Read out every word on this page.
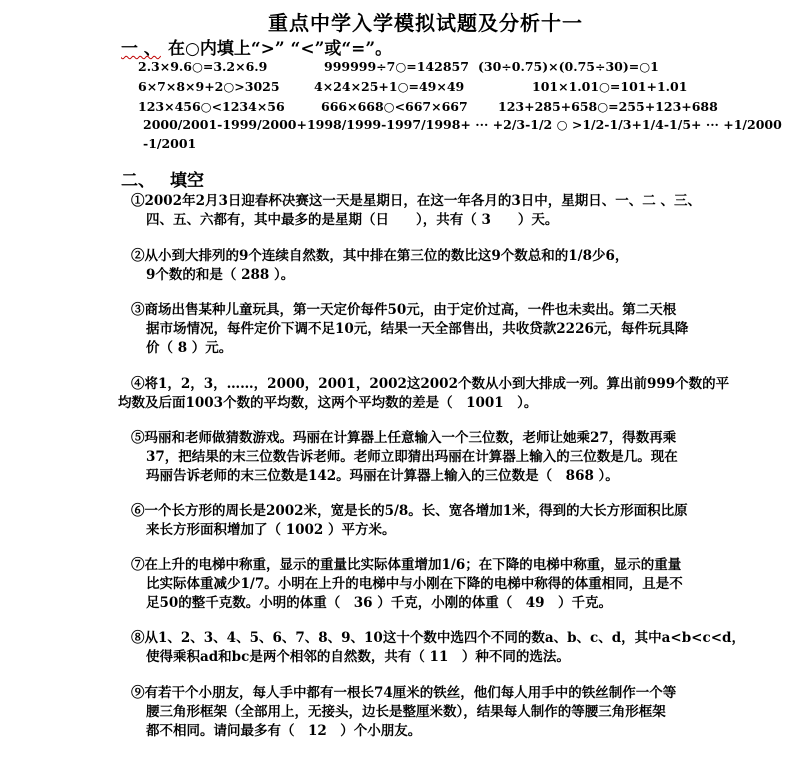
重点中学入学模拟试题及分析十一
一 、 在○内填上“>” “<”或“=”。
2.3×9.6○=3.2×6.9	999999÷7○=142857 (30÷0.75)×(0.75÷30)=○1
6×7×8×9+2○>3025	4×24×25+1○=49×49	101×1.01○=101+1.01
123×456○<1234×56	666×668○<667×667 123+285+658○=255+123+688
2000/2001-1999/2000+1998/1999-1997/1998+ ··· +2/3-1/2 ○ >1/2-1/3+1/4-1/5+ ··· +1/2000
-1/2001
二、 填空
①2002年2月3日迎春杯决赛这一天是星期日，在这一年各月的3日中，星期日、一、二 、三、
四、五、六都有，其中最多的是星期（日　　），共有（ 3　　）天。
②从小到大排列的9个连续自然数，其中排在第三位的数比这9个数总和的1/8少6，
9个数的和是（ 288 ）。
③商场出售某种儿童玩具，第一天定价每件50元，由于定价过高，一件也未卖出。第二天根
据市场情况，每件定价下调不足10元，结果一天全部售出，共收贷款2226元，每件玩具降
价（ 8 ）元。
④将1，2，3，……，2000，2001，2002这2002个数从小到大排成一列。算出前999个数的平
均数及后面1003个数的平均数，这两个平均数的差是（　1001　）。
⑤玛丽和老师做猜数游戏。玛丽在计算器上任意输入一个三位数，老师让她乘27，得数再乘
37，把结果的末三位数告诉老师。老师立即猜出玛丽在计算器上输入的三位数是几。现在
玛丽告诉老师的末三位数是142。玛丽在计算器上输入的三位数是（　868 ）。
⑥一个长方形的周长是2002米，宽是长的5/8。长、宽各增加1米，得到的大长方形面积比原
来长方形面积增加了（ 1002 ）平方米。
⑦在上升的电梯中称重，显示的重量比实际体重增加1/6；在下降的电梯中称重，显示的重量
比实际体重减少1/7。小明在上升的电梯中与小刚在下降的电梯中称得的体重相同，且是不
足50的整千克数。小明的体重（　36 ）千克，小刚的体重（　49　）千克。
⑧从1、2、3、4、5、6、7、8、9、10这十个数中选四个不同的数a、b、c、d，其中a<b<c<d，
使得乘积ad和bc是两个相邻的自然数，共有（ 11　）种不同的选法。
⑨有若干个小朋友，每人手中都有一根长74厘米的铁丝，他们每人用手中的铁丝制作一个等
腰三角形框架（全部用上，无接头，边长是整厘米数），结果每人制作的等腰三角形框架
都不相同。请问最多有（　12　）个小朋友。
